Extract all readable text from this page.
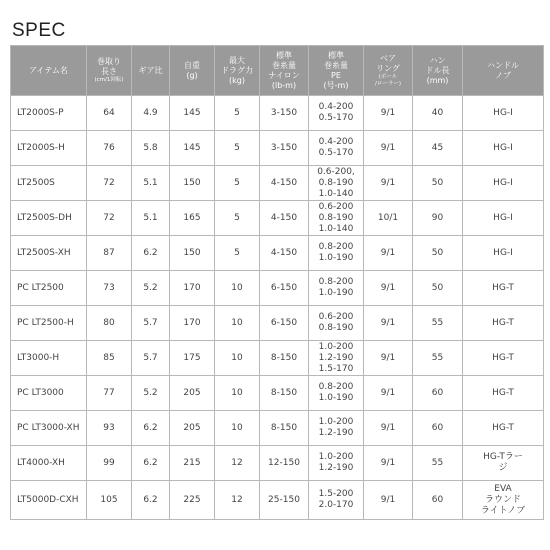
SPEC
アイテム名	巻取り
長さ
(cm/1回転)	ギア比	自重
(g)	最大
ドラグ力
(kg)	標準
巻糸量
ナイロン
(lb-m)	標準
巻糸量
PE
(号-m)	ベア
リング
(ボール
/ローラー)	ハン
ドル長
(mm)	ハンドル
ノブ

LT2000S-P	64	4.9	145	5	3-150	0.4-200
0.5-170	9/1	40	HG-I

LT2000S-H	76	5.8	145	5	3-150	0.4-200
0.5-170	9/1	45	HG-I

LT2500S	72	5.1	150	5	4-150	0.6-200,
0.8-190
1.0-140	9/1	50	HG-I

LT2500S-DH	72	5.1	165	5	4-150	0.6-200
0.8-190
1.0-140	10/1	90	HG-I

LT2500S-XH	87	6.2	150	5	4-150	0.8-200
1.0-190	9/1	50	HG-I

PC LT2500	73	5.2	170	10	6-150	0.8-200
1.0-190	9/1	50	HG-T

PC LT2500-H	80	5.7	170	10	6-150	0.6-200
0.8-190	9/1	55	HG-T

LT3000-H	85	5.7	175	10	8-150	1.0-200
1.2-190
1.5-170	9/1	55	HG-T

PC LT3000	77	5.2	205	10	8-150	0.8-200
1.0-190	9/1	60	HG-T

PC LT3000-XH	93	6.2	205	10	8-150	1.0-200
1.2-190	9/1	60	HG-T

LT4000-XH	99	6.2	215	12	12-150	1.0-200
1.2-190	9/1	55	HG-Tラー
ジ

LT5000D-CXH	105	6.2	225	12	25-150	1.5-200
2.0-170	9/1	60	EVA
ラウンド
ライトノブ
